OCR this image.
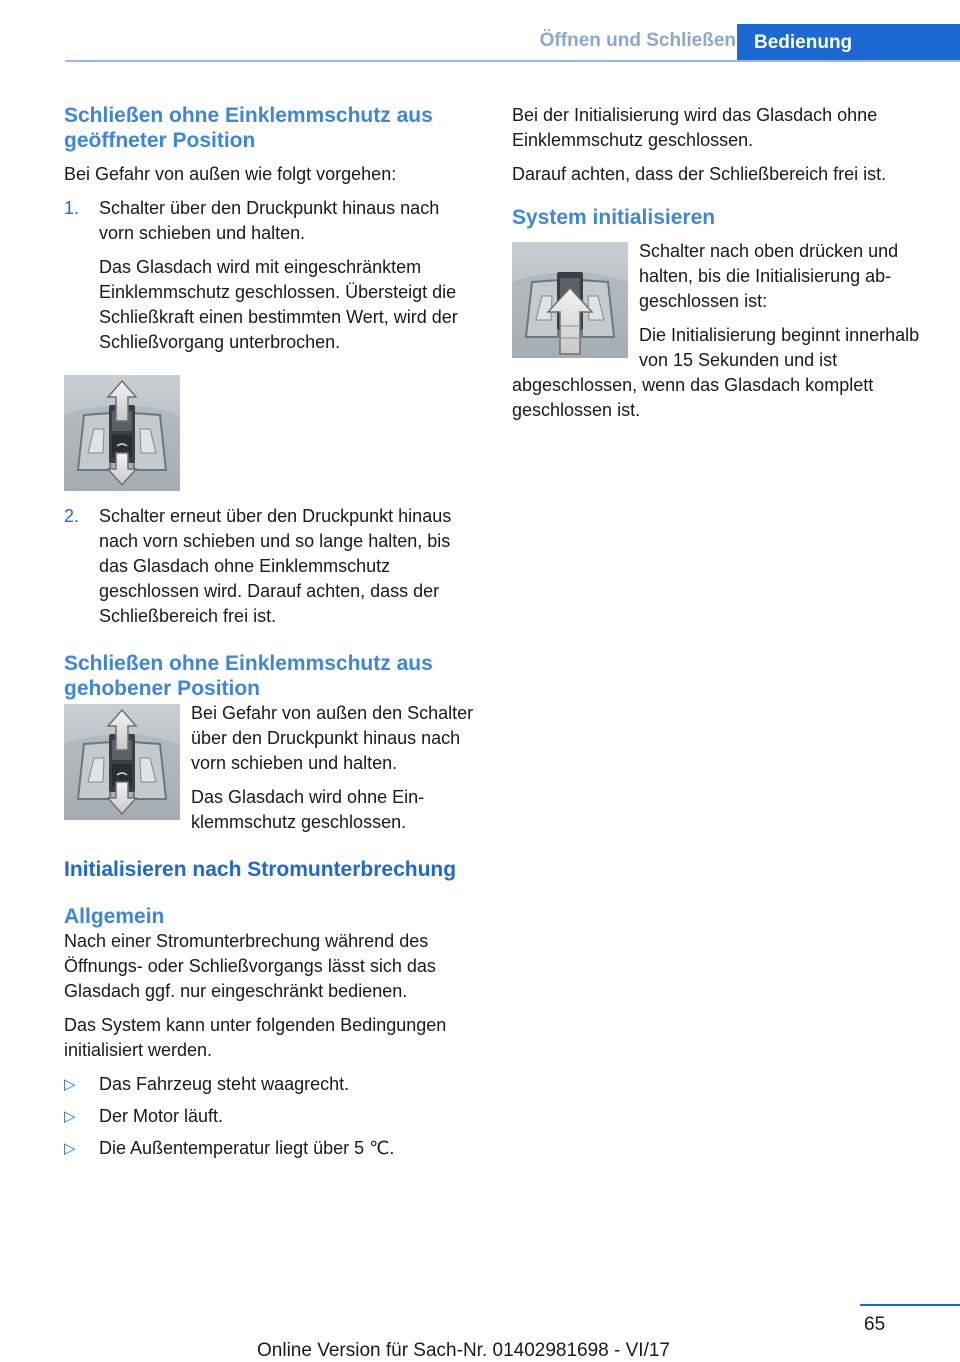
Öffnen und Schließen Bedienung
Schließen ohne Einklemmschutz aus geöffneter Position

Bei Gefahr von außen wie folgt vorgehen:

1. Schalter über den Druckpunkt hinaus nach vorn schieben und halten.

Das Glasdach wird mit eingeschränktem Einklemmschutz geschlossen. Übersteigt die Schließkraft einen bestimmten Wert, wird der Schließvorgang unterbrochen.

2. Schalter erneut über den Druckpunkt hinaus nach vorn schieben und so lange halten, bis das Glasdach ohne Einklemmschutz geschlossen wird. Darauf achten, dass der Schließbereich frei ist.

Schließen ohne Einklemmschutz aus gehobener Position

Bei Gefahr von außen den Schalter über den Druckpunkt hinaus nach vorn schieben und halten.

Das Glasdach wird ohne Einklemmschutz geschlossen.

Initialisieren nach Stromunterbrechung
Allgemein

Nach einer Stromunterbrechung während des Öffnungs- oder Schließvorgangs lässt sich das Glasdach ggf. nur eingeschränkt bedienen.

Das System kann unter folgenden Bedingungen initialisiert werden.

▷ Das Fahrzeug steht waagrecht.

▷ Der Motor läuft.

▷ Die Außentemperatur liegt über 5 ℃.

Bei der Initialisierung wird das Glasdach ohne Einklemmschutz geschlossen.

Darauf achten, dass der Schließbereich frei ist.

System initialisieren

Schalter nach oben drücken und halten, bis die Initialisierung abgeschlossen ist:

Die Initialisierung beginnt innerhalb von 15 Sekunden und ist abgeschlossen, wenn das Glasdach komplett geschlossen ist.

65
Online Version für Sach-Nr. 01402981698 - VI/17
